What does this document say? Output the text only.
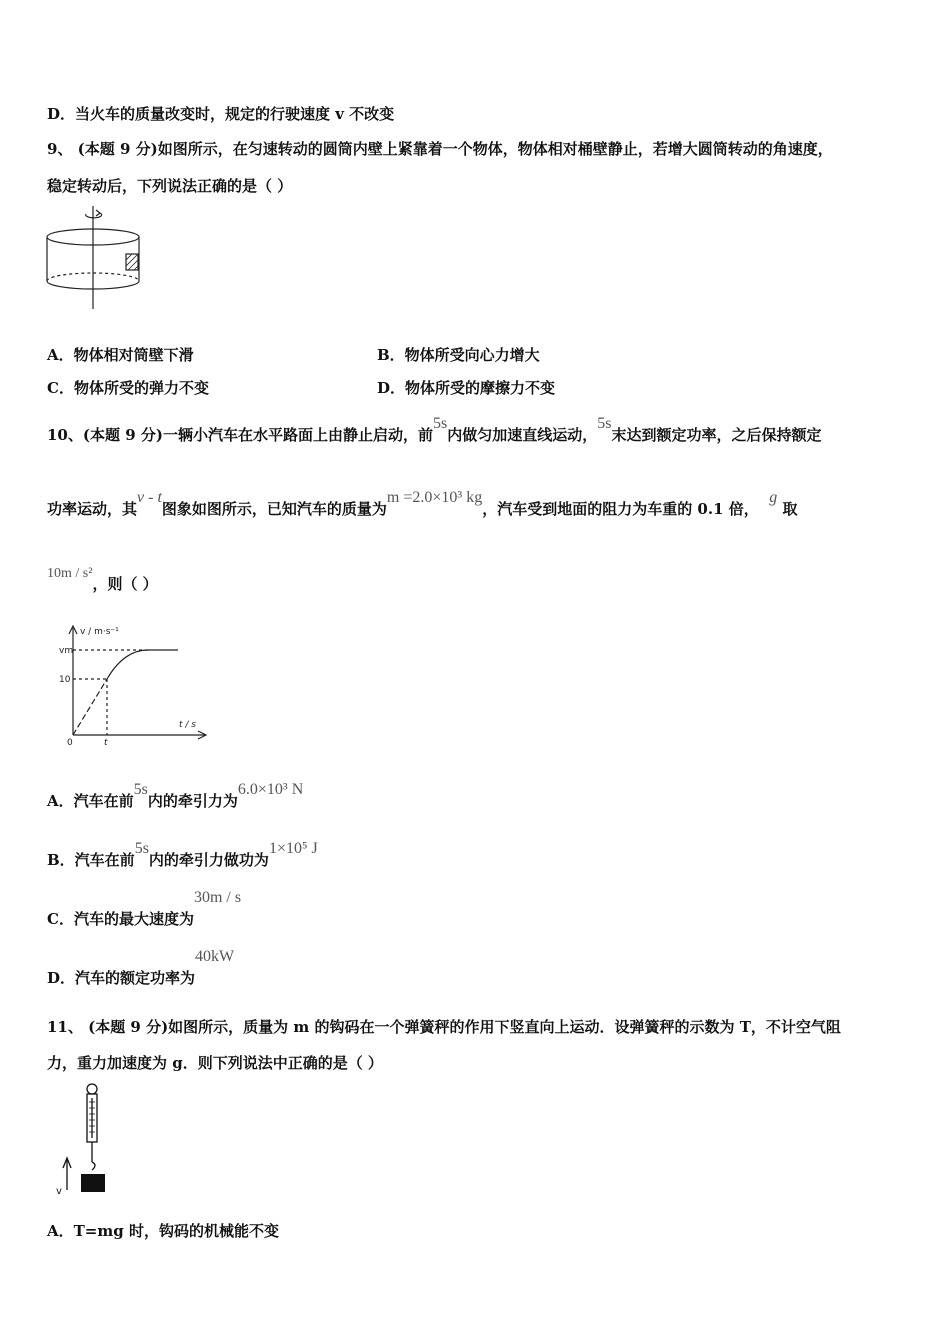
D．当火车的质量改变时，规定的行驶速度 v 不改变
9、 (本题 9 分)如图所示，在匀速转动的圆筒内壁上紧靠着一个物体，物体相对桶壁静止，若增大圆筒转动的角速度，
稳定转动后，下列说法正确的是（ ）
A．物体相对筒壁下滑	B．物体所受向心力增大
C．物体所受的弹力不变	D．物体所受的摩擦力不变
10、(本题 9 分)一辆小汽车在水平路面上由静止启动，前5s内做匀加速直线运动，5s末达到额定功率，之后保持额定
功率运动，其v - t图象如图所示，已知汽车的质量为m =2.0×10³ kg，汽车受到地面的阻力为车重的 0.1 倍，  g 取
10m / s²，则（ ）
v / m·s⁻¹
t / s
vm
10
0	t
A．汽车在前5s内的牵引力为6.0×10³ N
B．汽车在前5s内的牵引力做功为1×10⁵ J
C．汽车的最大速度为30m / s
D．汽车的额定功率为40kW
11、 (本题 9 分)如图所示，质量为 m 的钩码在一个弹簧秤的作用下竖直向上运动．设弹簧秤的示数为 T，不计空气阻
力，重力加速度为 g．则下列说法中正确的是（ ）
v
A．T=mg 时，钩码的机械能不变
